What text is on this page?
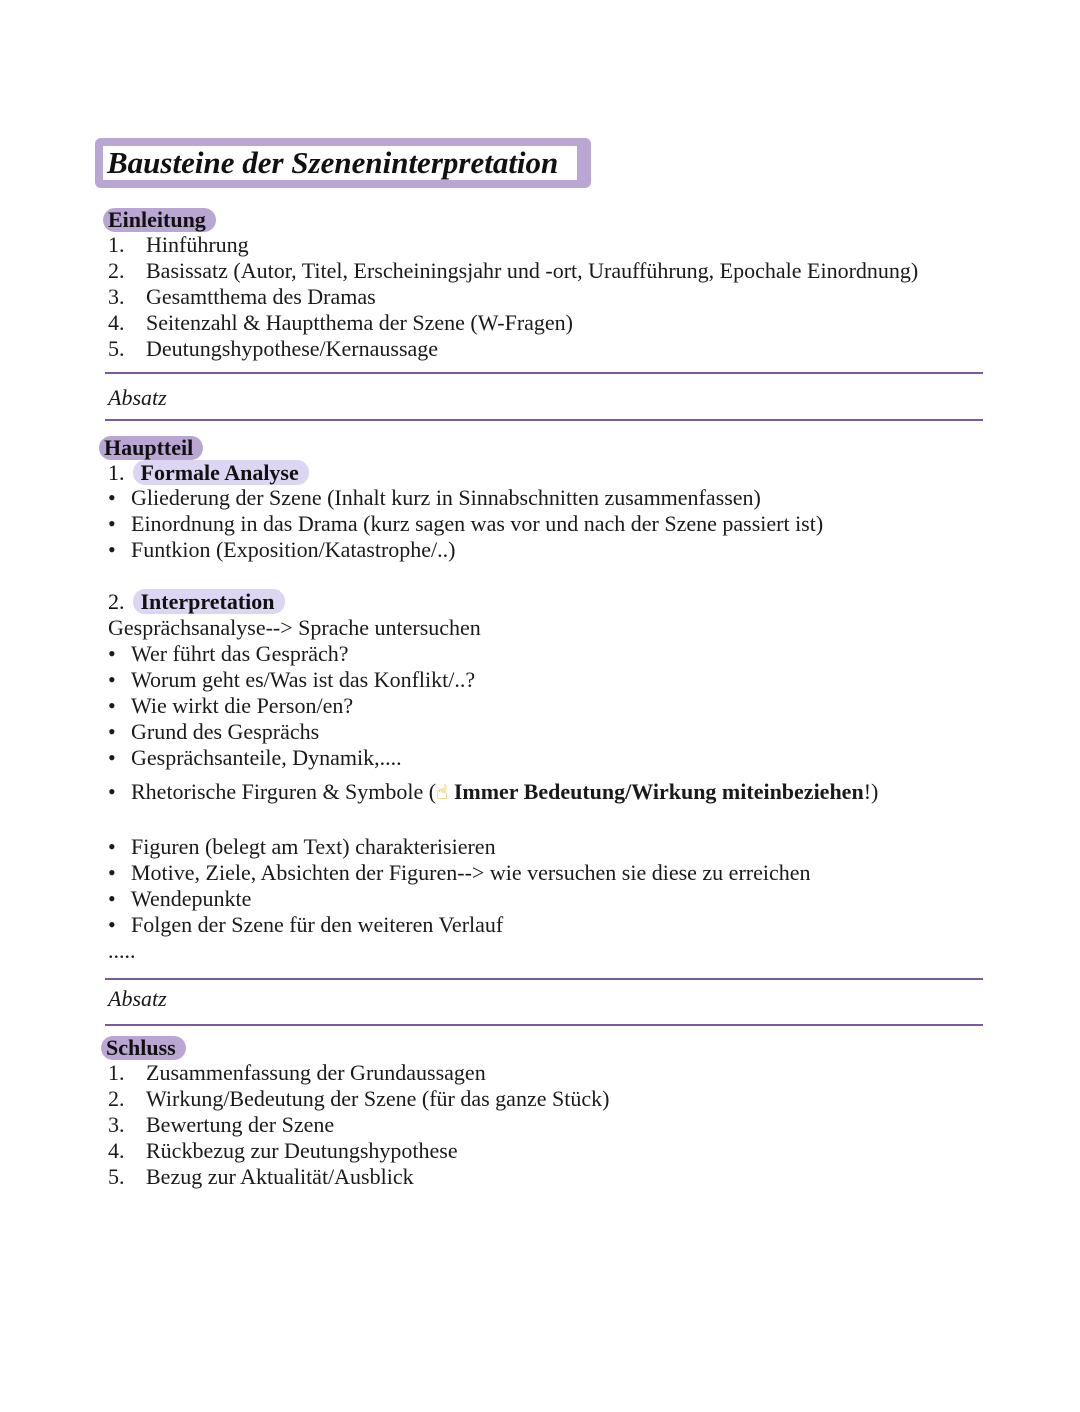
Bausteine der Szeneninterpretation
Einleitung
1. Hinführung
2. Basissatz (Autor, Titel, Erscheiningsjahr und -ort, Uraufführung, Epochale Einordnung)
3. Gesamtthema des Dramas
4. Seitenzahl & Hauptthema der Szene (W-Fragen)
5. Deutungshypothese/Kernaussage
Absatz
Hauptteil
1. Formale Analyse
• Gliederung der Szene (Inhalt kurz in Sinnabschnitten zusammenfassen)
• Einordnung in das Drama (kurz sagen was vor und nach der Szene passiert ist)
• Funtkion (Exposition/Katastrophe/..)
2. Interpretation
Gesprächsanalyse--> Sprache untersuchen
• Wer führt das Gespräch?
• Worum geht es/Was ist das Konflikt/..?
• Wie wirkt die Person/en?
• Grund des Gesprächs
• Gesprächsanteile, Dynamik,....
• Rhetorische Firguren & Symbole (☝ Immer Bedeutung/Wirkung miteinbeziehen!)
• Figuren (belegt am Text) charakterisieren
• Motive, Ziele, Absichten der Figuren--> wie versuchen sie diese zu erreichen
• Wendepunkte
• Folgen der Szene für den weiteren Verlauf
.....
Absatz
Schluss
1. Zusammenfassung der Grundaussagen
2. Wirkung/Bedeutung der Szene (für das ganze Stück)
3. Bewertung der Szene
4. Rückbezug zur Deutungshypothese
5. Bezug zur Aktualität/Ausblick
